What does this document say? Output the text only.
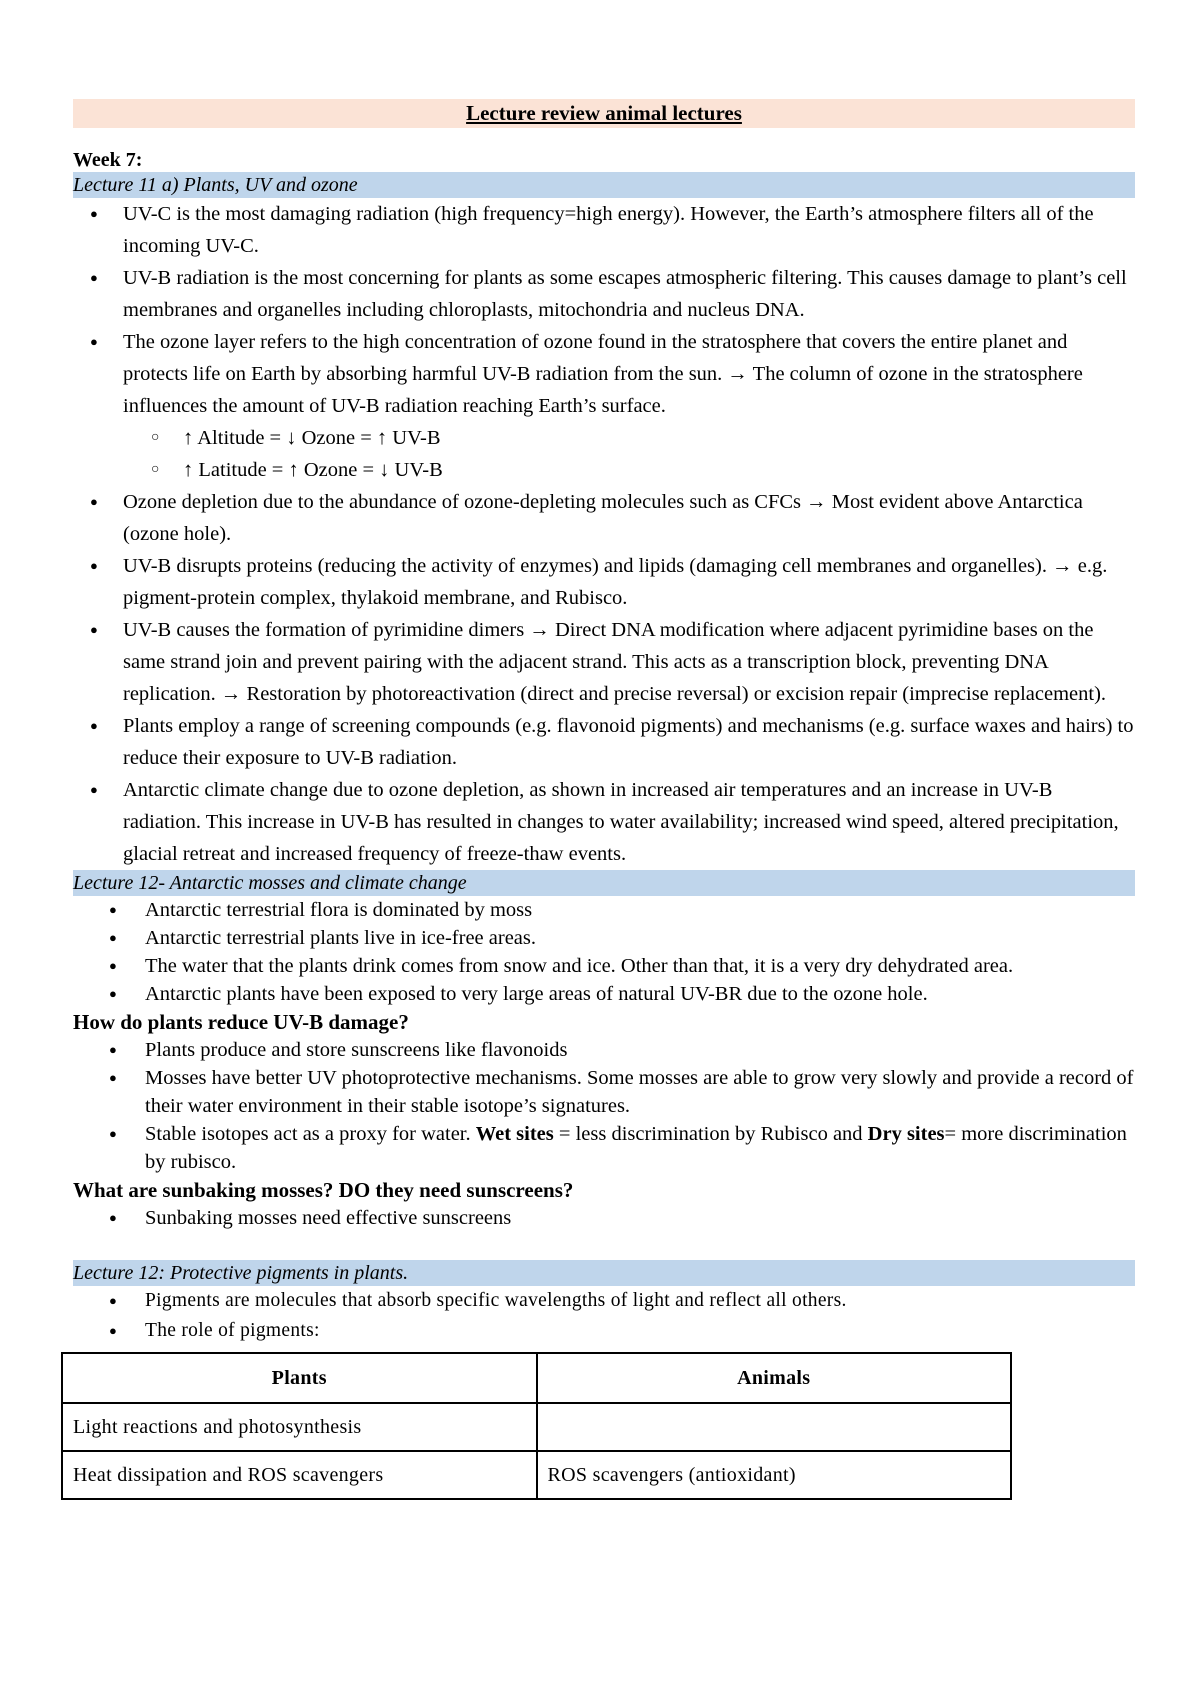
Lecture review animal lectures
Week 7:
Lecture 11 a) Plants, UV and ozone
● UV-C is the most damaging radiation (high frequency=high energy). However, the Earth’s atmosphere filters all of the incoming UV-C.
● UV-B radiation is the most concerning for plants as some escapes atmospheric filtering. This causes damage to plant’s cell membranes and organelles including chloroplasts, mitochondria and nucleus DNA.
● The ozone layer refers to the high concentration of ozone found in the stratosphere that covers the entire planet and protects life on Earth by absorbing harmful UV-B radiation from the sun. → The column of ozone in the stratosphere influences the amount of UV-B radiation reaching Earth’s surface.
○ ↑ Altitude = ↓ Ozone = ↑ UV-B
○ ↑ Latitude = ↑ Ozone = ↓ UV-B
● Ozone depletion due to the abundance of ozone-depleting molecules such as CFCs → Most evident above Antarctica (ozone hole).
● UV-B disrupts proteins (reducing the activity of enzymes) and lipids (damaging cell membranes and organelles). → e.g. pigment-protein complex, thylakoid membrane, and Rubisco.
● UV-B causes the formation of pyrimidine dimers → Direct DNA modification where adjacent pyrimidine bases on the same strand join and prevent pairing with the adjacent strand. This acts as a transcription block, preventing DNA replication. → Restoration by photoreactivation (direct and precise reversal) or excision repair (imprecise replacement).
● Plants employ a range of screening compounds (e.g. flavonoid pigments) and mechanisms (e.g. surface waxes and hairs) to reduce their exposure to UV-B radiation.
● Antarctic climate change due to ozone depletion, as shown in increased air temperatures and an increase in UV-B radiation. This increase in UV-B has resulted in changes to water availability; increased wind speed, altered precipitation, glacial retreat and increased frequency of freeze-thaw events.
Lecture 12- Antarctic mosses and climate change
● Antarctic terrestrial flora is dominated by moss
● Antarctic terrestrial plants live in ice-free areas.
● The water that the plants drink comes from snow and ice. Other than that, it is a very dry dehydrated area.
● Antarctic plants have been exposed to very large areas of natural UV-BR due to the ozone hole.
How do plants reduce UV-B damage?
● Plants produce and store sunscreens like flavonoids
● Mosses have better UV photoprotective mechanisms. Some mosses are able to grow very slowly and provide a record of their water environment in their stable isotope’s signatures.
● Stable isotopes act as a proxy for water. Wet sites = less discrimination by Rubisco and Dry sites= more discrimination by rubisco.
What are sunbaking mosses? DO they need sunscreens?
● Sunbaking mosses need effective sunscreens
Lecture 12: Protective pigments in plants.
● Pigments are molecules that absorb specific wavelengths of light and reflect all others.
● The role of pigments:
Plants	Animals
Light reactions and photosynthesis	
Heat dissipation and ROS scavengers	ROS scavengers (antioxidant)
